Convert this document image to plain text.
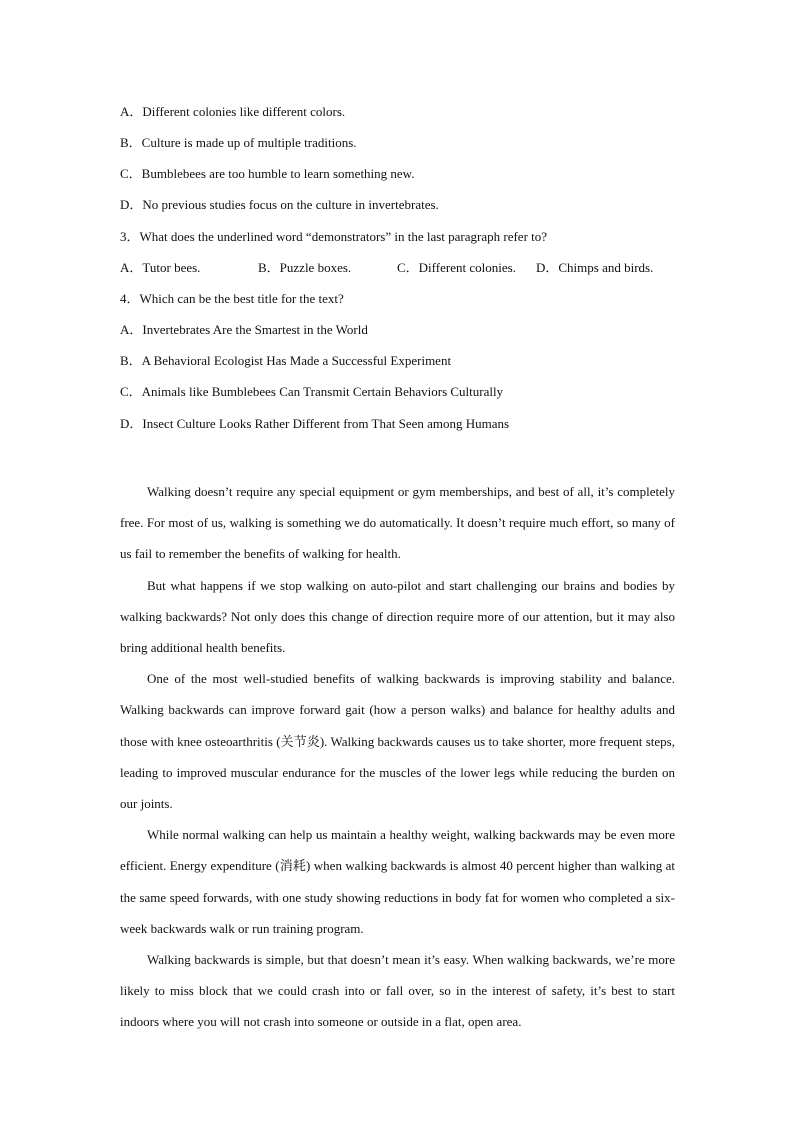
A．Different colonies like different colors.
B．Culture is made up of multiple traditions.
C．Bumblebees are too humble to learn something new.
D．No previous studies focus on the culture in invertebrates.
3．What does the underlined word “demonstrators” in the last paragraph refer to?
A．Tutor bees.	B．Puzzle boxes.	C．Different colonies. D．Chimps and birds.
4．Which can be the best title for the text?
A．Invertebrates Are the Smartest in the World
B．A Behavioral Ecologist Has Made a Successful Experiment
C．Animals like Bumblebees Can Transmit Certain Behaviors Culturally
D．Insect Culture Looks Rather Different from That Seen among Humans

Walking doesn’t require any special equipment or gym memberships, and best of all, it’s completely free. For most of us, walking is something we do automatically. It doesn’t require much effort, so many of us fail to remember the benefits of walking for health.

But what happens if we stop walking on auto-pilot and start challenging our brains and bodies by walking backwards? Not only does this change of direction require more of our attention, but it may also bring additional health benefits.

One of the most well-studied benefits of walking backwards is improving stability and balance. Walking backwards can improve forward gait (how a person walks) and balance for healthy adults and those with knee osteoarthritis (关节炎). Walking backwards causes us to take shorter, more frequent steps, leading to improved muscular endurance for the muscles of the lower legs while reducing the burden on our joints.

While normal walking can help us maintain a healthy weight, walking backwards may be even more efficient. Energy expenditure (消耗) when walking backwards is almost 40 percent higher than walking at the same speed forwards, with one study showing reductions in body fat for women who completed a six-week backwards walk or run training program.

Walking backwards is simple, but that doesn’t mean it’s easy. When walking backwards, we’re more likely to miss block that we could crash into or fall over, so in the interest of safety, it’s best to start indoors where you will not crash into someone or outside in a flat, open area.
